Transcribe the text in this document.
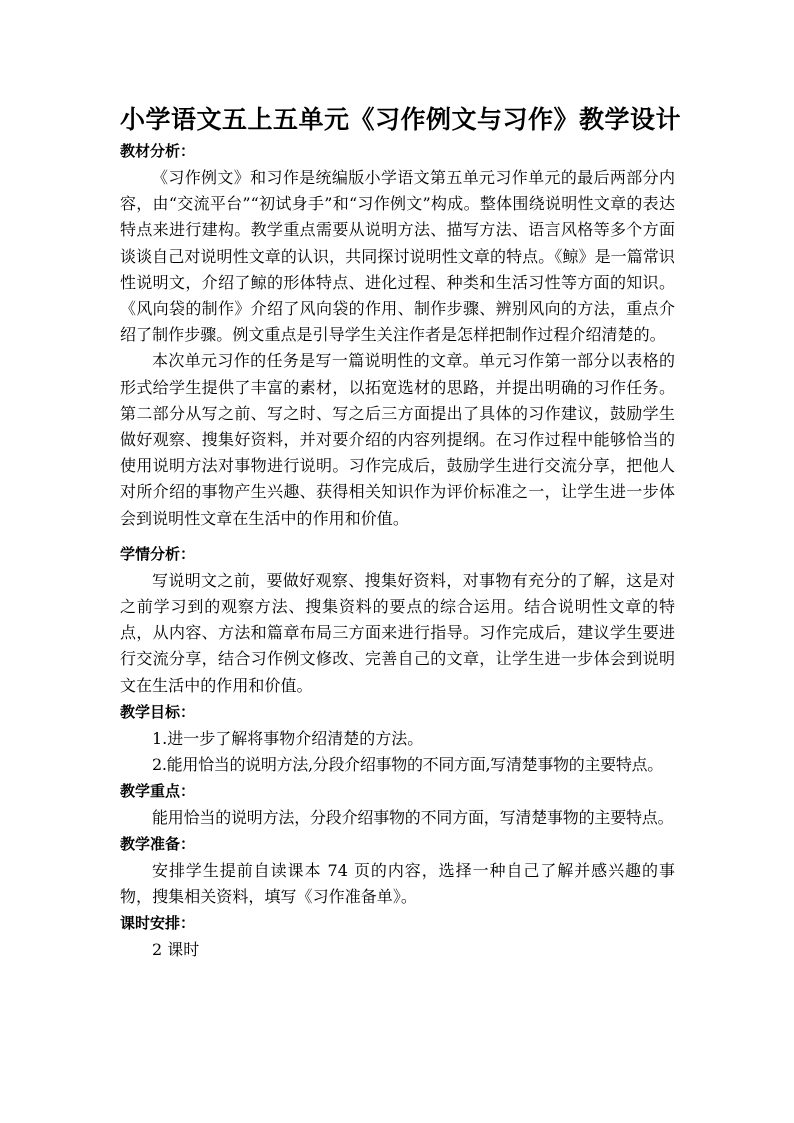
小学语文五上五单元《习作例文与习作》教学设计
教材分析：

《习作例文》和习作是统编版小学语文第五单元习作单元的最后两部分内容，由“交流平台”“初试身手”和“习作例文”构成。整体围绕说明性文章的表达特点来进行建构。教学重点需要从说明方法、描写方法、语言风格等多个方面谈谈自己对说明性文章的认识，共同探讨说明性文章的特点。《鲸》是一篇常识性说明文，介绍了鲸的形体特点、进化过程、种类和生活习性等方面的知识。《风向袋的制作》介绍了风向袋的作用、制作步骤、辨别风向的方法，重点介绍了制作步骤。例文重点是引导学生关注作者是怎样把制作过程介绍清楚的。

本次单元习作的任务是写一篇说明性的文章。单元习作第一部分以表格的形式给学生提供了丰富的素材，以拓宽选材的思路，并提出明确的习作任务。第二部分从写之前、写之时、写之后三方面提出了具体的习作建议，鼓励学生做好观察、搜集好资料，并对要介绍的内容列提纲。在习作过程中能够恰当的使用说明方法对事物进行说明。习作完成后，鼓励学生进行交流分享，把他人对所介绍的事物产生兴趣、获得相关知识作为评价标准之一，让学生进一步体会到说明性文章在生活中的作用和价值。

学情分析：

写说明文之前，要做好观察、搜集好资料，对事物有充分的了解，这是对之前学习到的观察方法、搜集资料的要点的综合运用。结合说明性文章的特点，从内容、方法和篇章布局三方面来进行指导。习作完成后，建议学生要进行交流分享，结合习作例文修改、完善自己的文章，让学生进一步体会到说明文在生活中的作用和价值。

教学目标：

1.进一步了解将事物介绍清楚的方法。

2.能用恰当的说明方法,分段介绍事物的不同方面,写清楚事物的主要特点。

教学重点：

能用恰当的说明方法，分段介绍事物的不同方面，写清楚事物的主要特点。

教学准备：

安排学生提前自读课本 74 页的内容，选择一种自己了解并感兴趣的事物，搜集相关资料，填写《习作准备单》。

课时安排：

2 课时
